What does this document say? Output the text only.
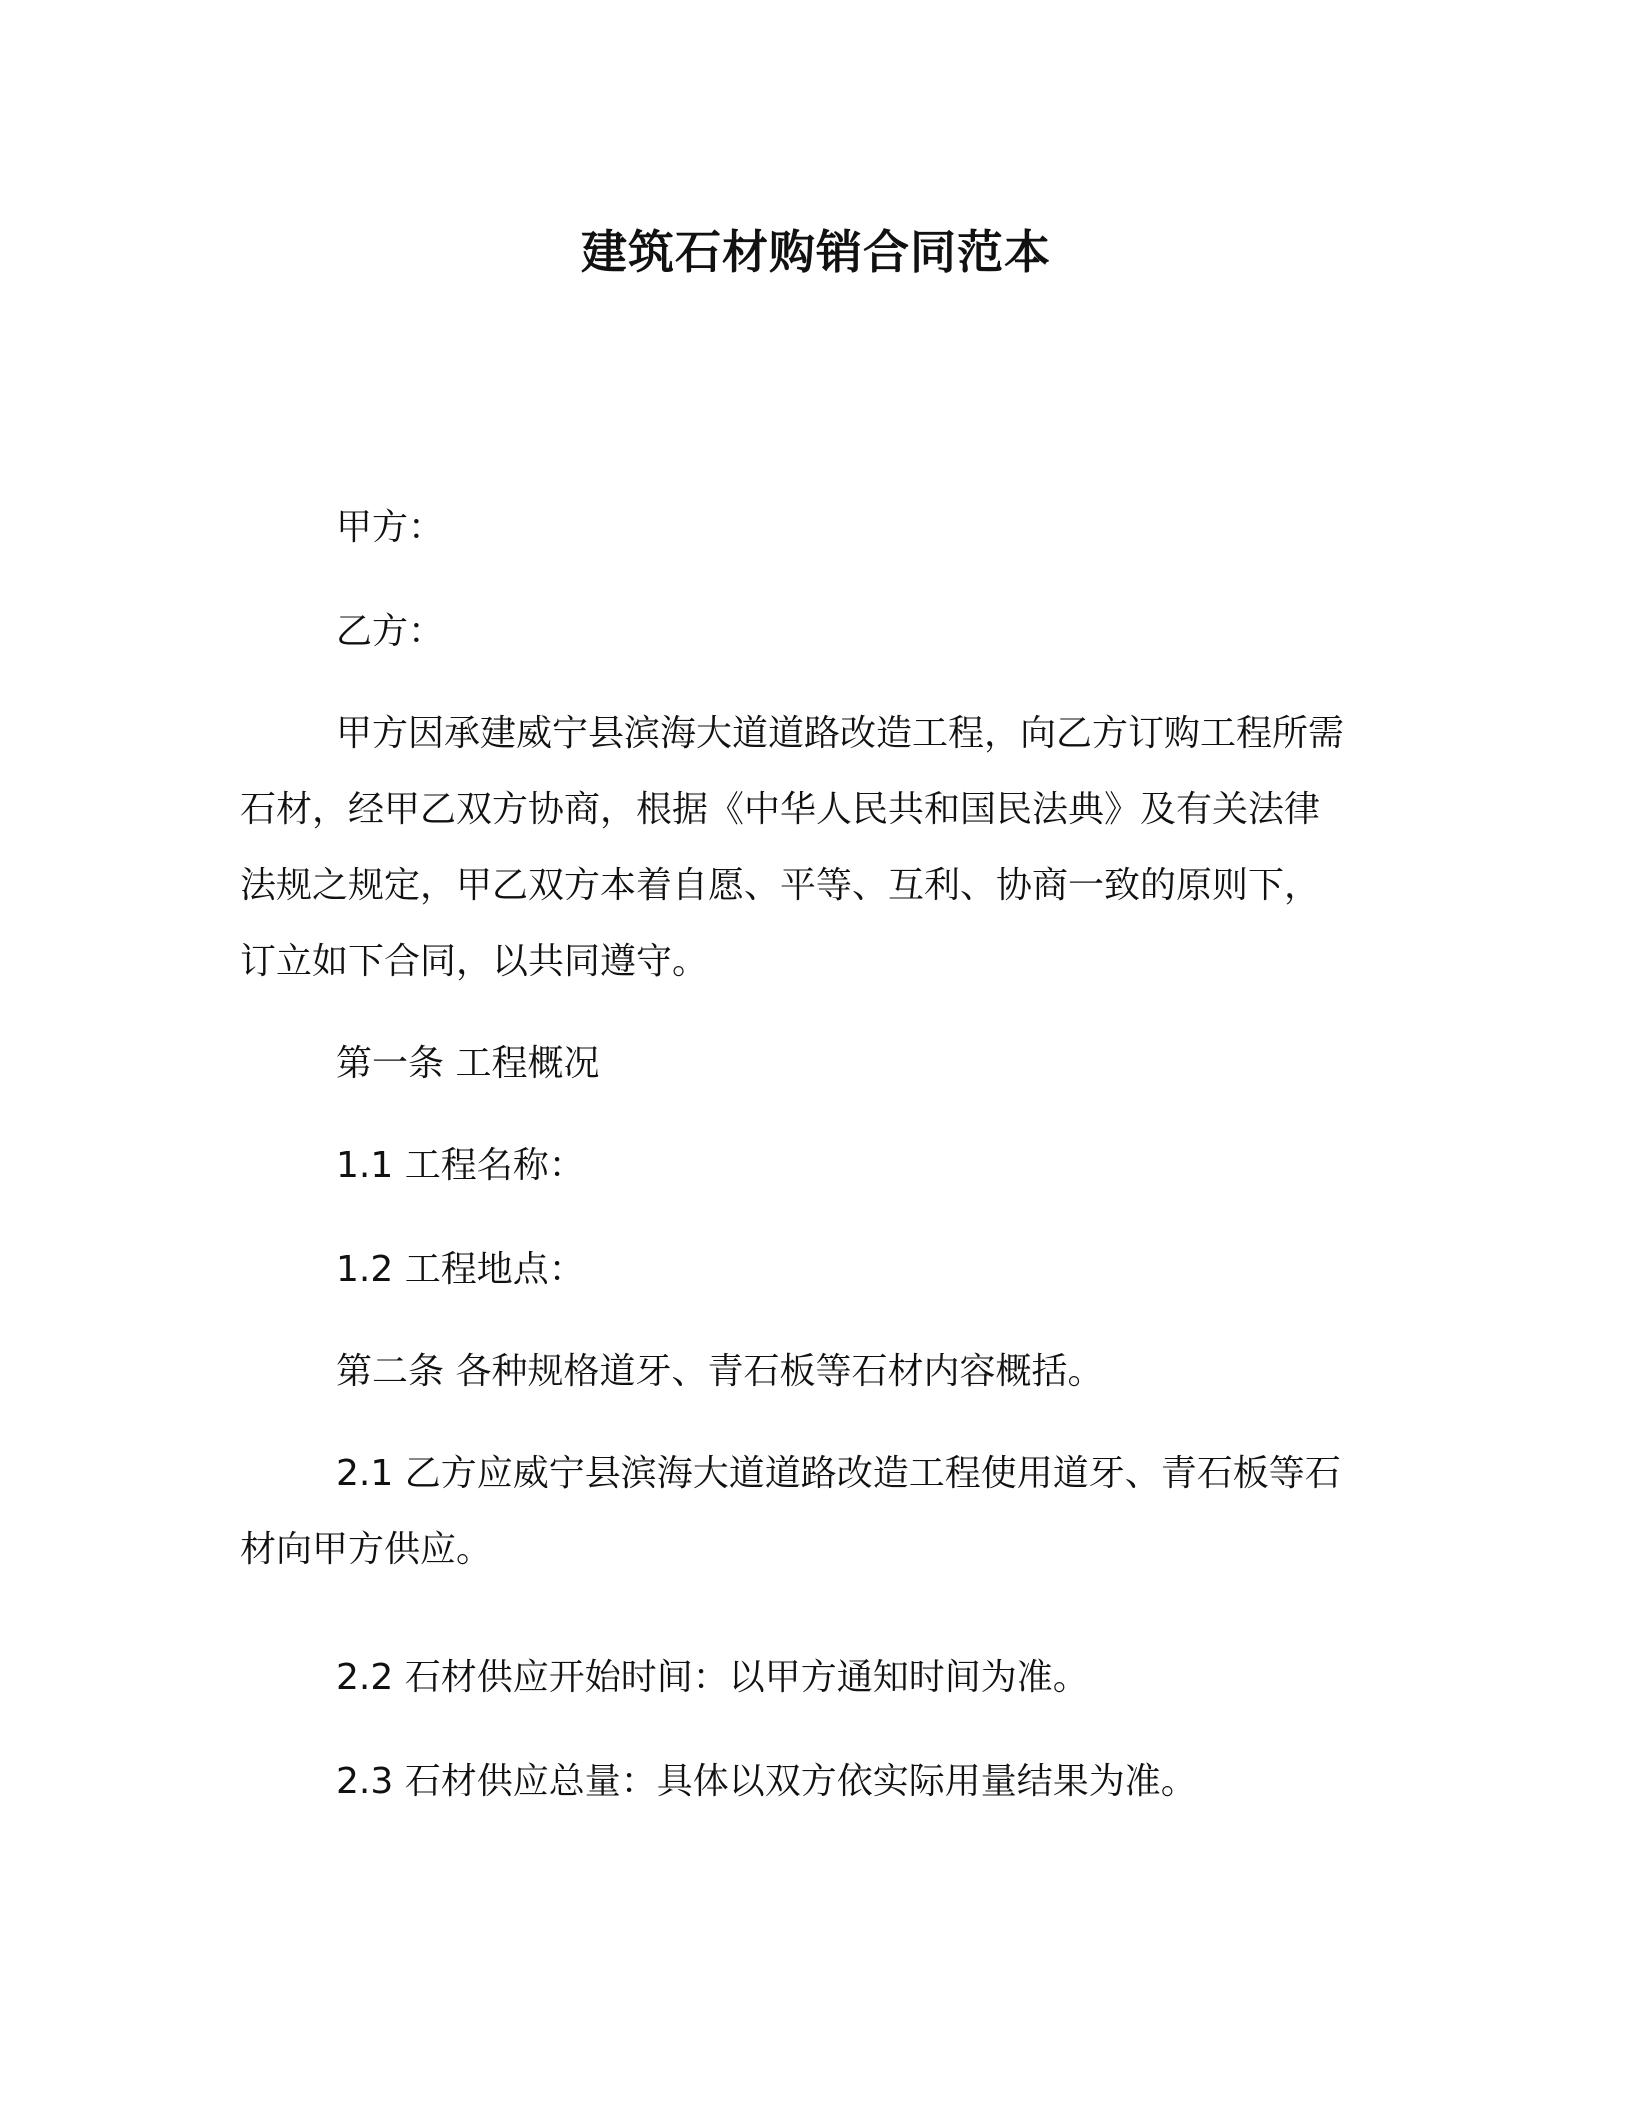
建筑石材购销合同范本

甲方：

乙方：

甲方因承建威宁县滨海大道道路改造工程，向乙方订购工程所需
石材，经甲乙双方协商，根据《中华人民共和国民法典》及有关法律
法规之规定，甲乙双方本着自愿、平等、互利、协商一致的原则下，
订立如下合同，以共同遵守。

第一条 工程概况

1.1 工程名称：

1.2 工程地点：

第二条 各种规格道牙、青石板等石材内容概括。

2.1 乙方应威宁县滨海大道道路改造工程使用道牙、青石板等石
材向甲方供应。

2.2 石材供应开始时间：以甲方通知时间为准。

2.3 石材供应总量：具体以双方依实际用量结果为准。
